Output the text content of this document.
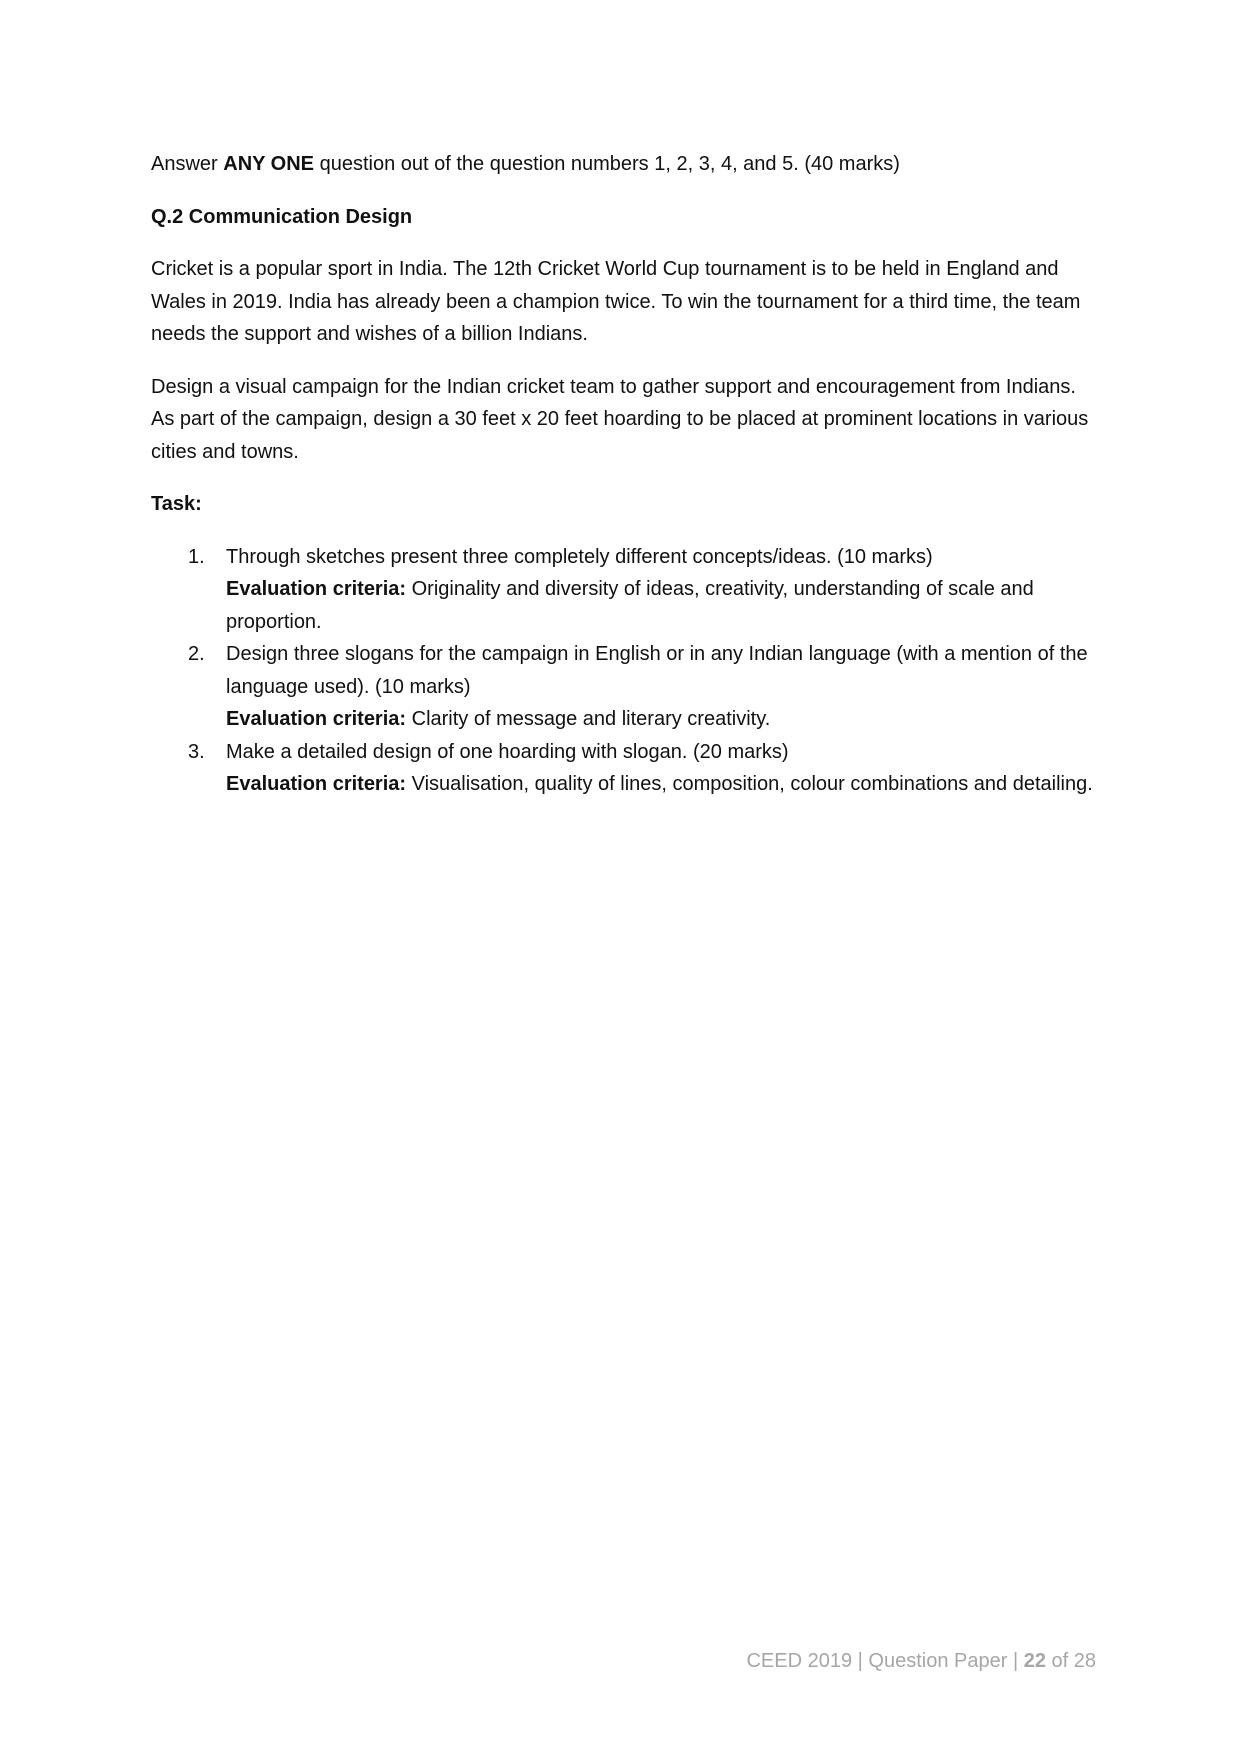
Answer ANY ONE question out of the question numbers 1, 2, 3, 4, and 5. (40 marks)

Q.2 Communication Design

Cricket is a popular sport in India. The 12th Cricket World Cup tournament is to be held in England and Wales in 2019. India has already been a champion twice. To win the tournament for a third time, the team needs the support and wishes of a billion Indians.

Design a visual campaign for the Indian cricket team to gather support and encouragement from Indians. As part of the campaign, design a 30 feet x 20 feet hoarding to be placed at prominent locations in various cities and towns.

Task:

1. Through sketches present three completely different concepts/ideas. (10 marks)
Evaluation criteria: Originality and diversity of ideas, creativity, understanding of scale and proportion.
2. Design three slogans for the campaign in English or in any Indian language (with a mention of the language used). (10 marks)
Evaluation criteria: Clarity of message and literary creativity.
3. Make a detailed design of one hoarding with slogan. (20 marks)
Evaluation criteria: Visualisation, quality of lines, composition, colour combinations and detailing.
CEED 2019 | Question Paper | 22 of 28
